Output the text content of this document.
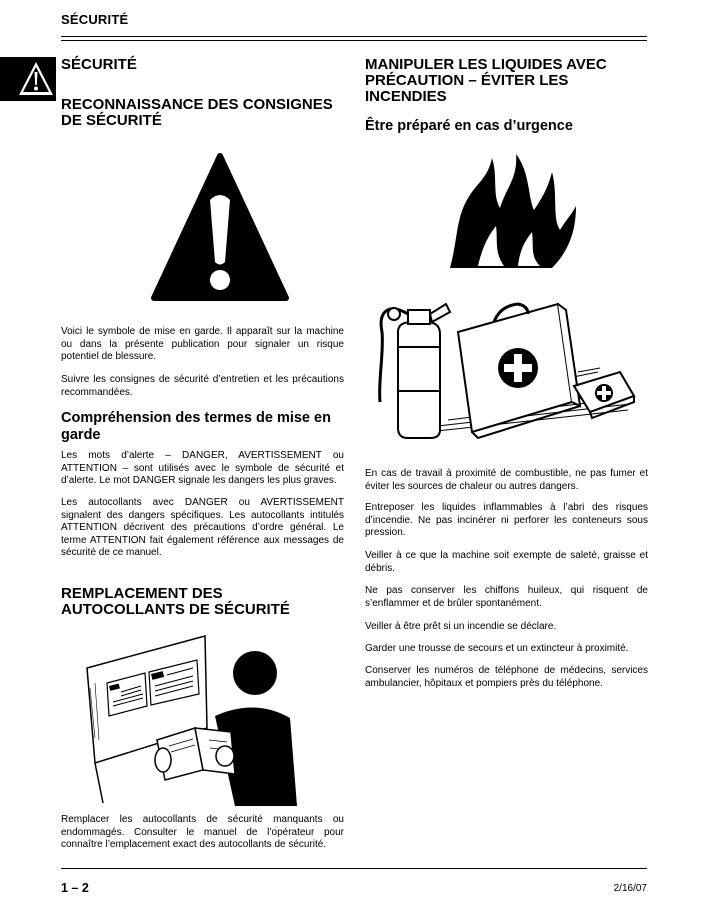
SÉCURITÉ
SÉCURITÉ
RECONNAISSANCE DES CONSIGNES DE SÉCURITÉ
Voici le symbole de mise en garde. Il apparaît sur la machine ou dans la présente publication pour signaler un risque potentiel de blessure.
Suivre les consignes de sécurité d’entretien et les précautions recommandées.
Compréhension des termes de mise en garde
Les mots d’alerte – DANGER, AVERTISSEMENT ou ATTENTION – sont utilisés avec le symbole de sécurité et d’alerte. Le mot DANGER signale les dangers les plus graves.
Les autocollants avec DANGER ou AVERTISSEMENT signalent des dangers spécifiques. Les autocollants intitulés ATTENTION décrivent des précautions d’ordre général. Le terme ATTENTION fait également référence aux messages de sécurité de ce manuel.
REMPLACEMENT DES AUTOCOLLANTS DE SÉCURITÉ
Remplacer les autocollants de sécurité manquants ou endommagés. Consulter le manuel de l’opérateur pour connaître l’emplacement exact des autocollants de sécurité.
MANIPULER LES LIQUIDES AVEC PRÉCAUTION – ÉVITER LES INCENDIES
Être préparé en cas d’urgence
En cas de travail à proximité de combustible, ne pas fumer et éviter les sources de chaleur ou autres dangers.
Entreposer les liquides inflammables à l’abri des risques d’incendie. Ne pas incinérer ni perforer les conteneurs sous pression.
Veiller à ce que la machine soit exempte de saleté, graisse et débris.
Ne pas conserver les chiffons huileux, qui risquent de s’enflammer et de brûler spontanément.
Veiller à être prêt si un incendie se déclare.
Garder une trousse de secours et un extincteur à proximité.
Conserver les numéros de téléphone de médecins, services ambulancier, hôpitaux et pompiers près du téléphone.
1 – 2	2/16/07
